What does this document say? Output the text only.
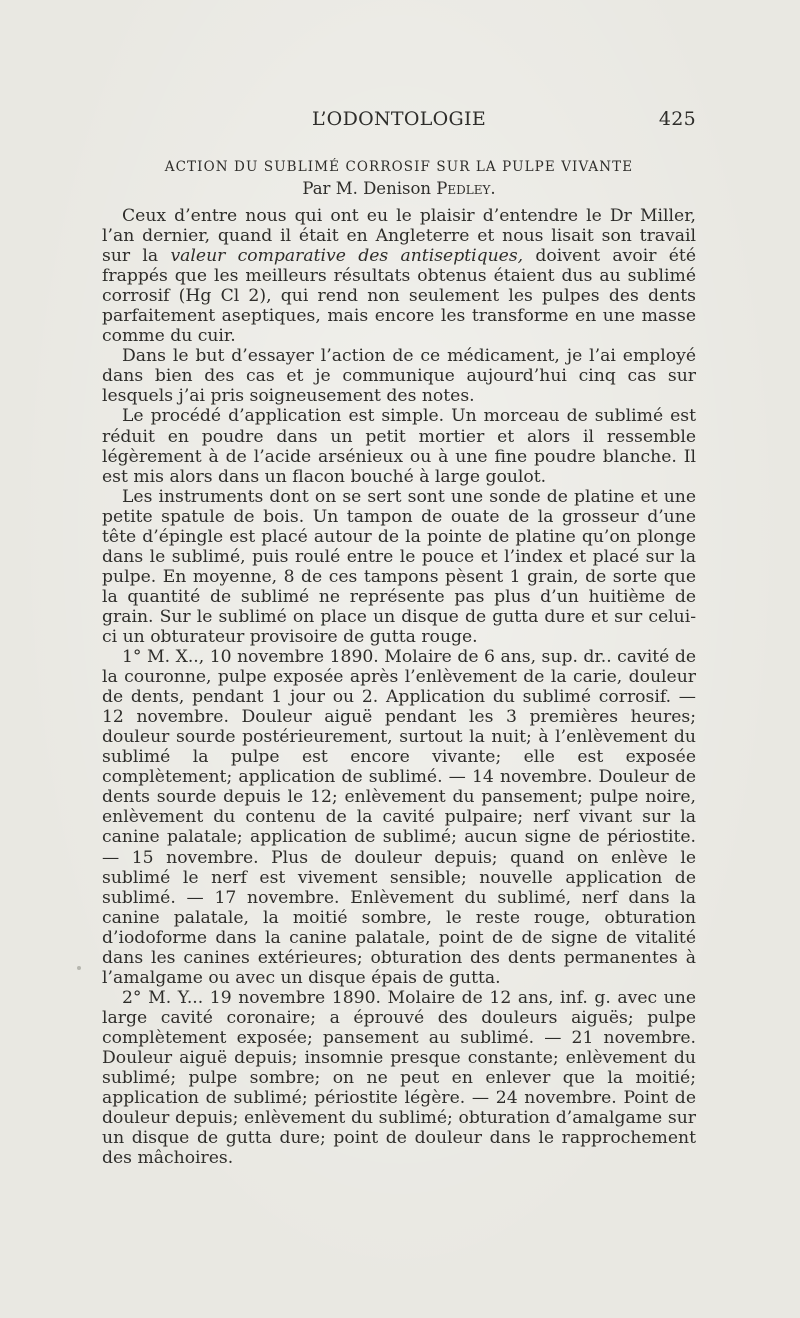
L’ODONTOLOGIE	425
ACTION DU SUBLIMÉ CORROSIF SUR LA PULPE VIVANTE
Par M. Denison Pedley.

Ceux d’entre nous qui ont eu le plaisir d’entendre le Dr Miller, l’an dernier, quand il était en Angleterre et nous lisait son travail sur la valeur comparative des antiseptiques, doivent avoir été frappés que les meilleurs résultats obtenus étaient dus au sublimé corrosif (Hg Cl 2), qui rend non seulement les pulpes des dents parfaitement aseptiques, mais encore les transforme en une masse comme du cuir.

Dans le but d’essayer l’action de ce médicament, je l’ai employé dans bien des cas et je communique aujourd’hui cinq cas sur lesquels j’ai pris soigneusement des notes.

Le procédé d’application est simple. Un morceau de sublimé est réduit en poudre dans un petit mortier et alors il ressemble légèrement à de l’acide arsénieux ou à une fine poudre blanche. Il est mis alors dans un flacon bouché à large goulot.

Les instruments dont on se sert sont une sonde de platine et une petite spatule de bois. Un tampon de ouate de la grosseur d’une tête d’épingle est placé autour de la pointe de platine qu’on plonge dans le sublimé, puis roulé entre le pouce et l’index et placé sur la pulpe. En moyenne, 8 de ces tampons pèsent 1 grain, de sorte que la quantité de sublimé ne représente pas plus d’un huitième de grain. Sur le sublimé on place un disque de gutta dure et sur celui-ci un obturateur provisoire de gutta rouge.

1° M. X.., 10 novembre 1890. Molaire de 6 ans, sup. dr.. cavité de la couronne, pulpe exposée après l’enlèvement de la carie, douleur de dents, pendant 1 jour ou 2. Application du sublimé corrosif. — 12 novembre. Douleur aiguë pendant les 3 premières heures; douleur sourde postérieurement, surtout la nuit; à l’enlèvement du sublimé la pulpe est encore vivante; elle est exposée complètement; application de sublimé. — 14 novembre. Douleur de dents sourde depuis le 12; enlèvement du pansement; pulpe noire, enlèvement du contenu de la cavité pulpaire; nerf vivant sur la canine palatale; application de sublimé; aucun signe de périostite. — 15 novembre. Plus de douleur depuis; quand on enlève le sublimé le nerf est vivement sensible; nouvelle application de sublimé. — 17 novembre. Enlèvement du sublimé, nerf dans la canine palatale, la moitié sombre, le reste rouge, obturation d’iodoforme dans la canine palatale, point de de signe de vitalité dans les canines extérieures; obturation des dents permanentes à l’amalgame ou avec un disque épais de gutta.

2° M. Y... 19 novembre 1890. Molaire de 12 ans, inf. g. avec une large cavité coronaire; a éprouvé des douleurs aiguës; pulpe complètement exposée; pansement au sublimé. — 21 novembre. Douleur aiguë depuis; insomnie presque constante; enlèvement du sublimé; pulpe sombre; on ne peut en enlever que la moitié; application de sublimé; périostite légère. — 24 novembre. Point de douleur depuis; enlèvement du sublimé; obturation d’amalgame sur un disque de gutta dure; point de douleur dans le rapprochement des mâchoires.
